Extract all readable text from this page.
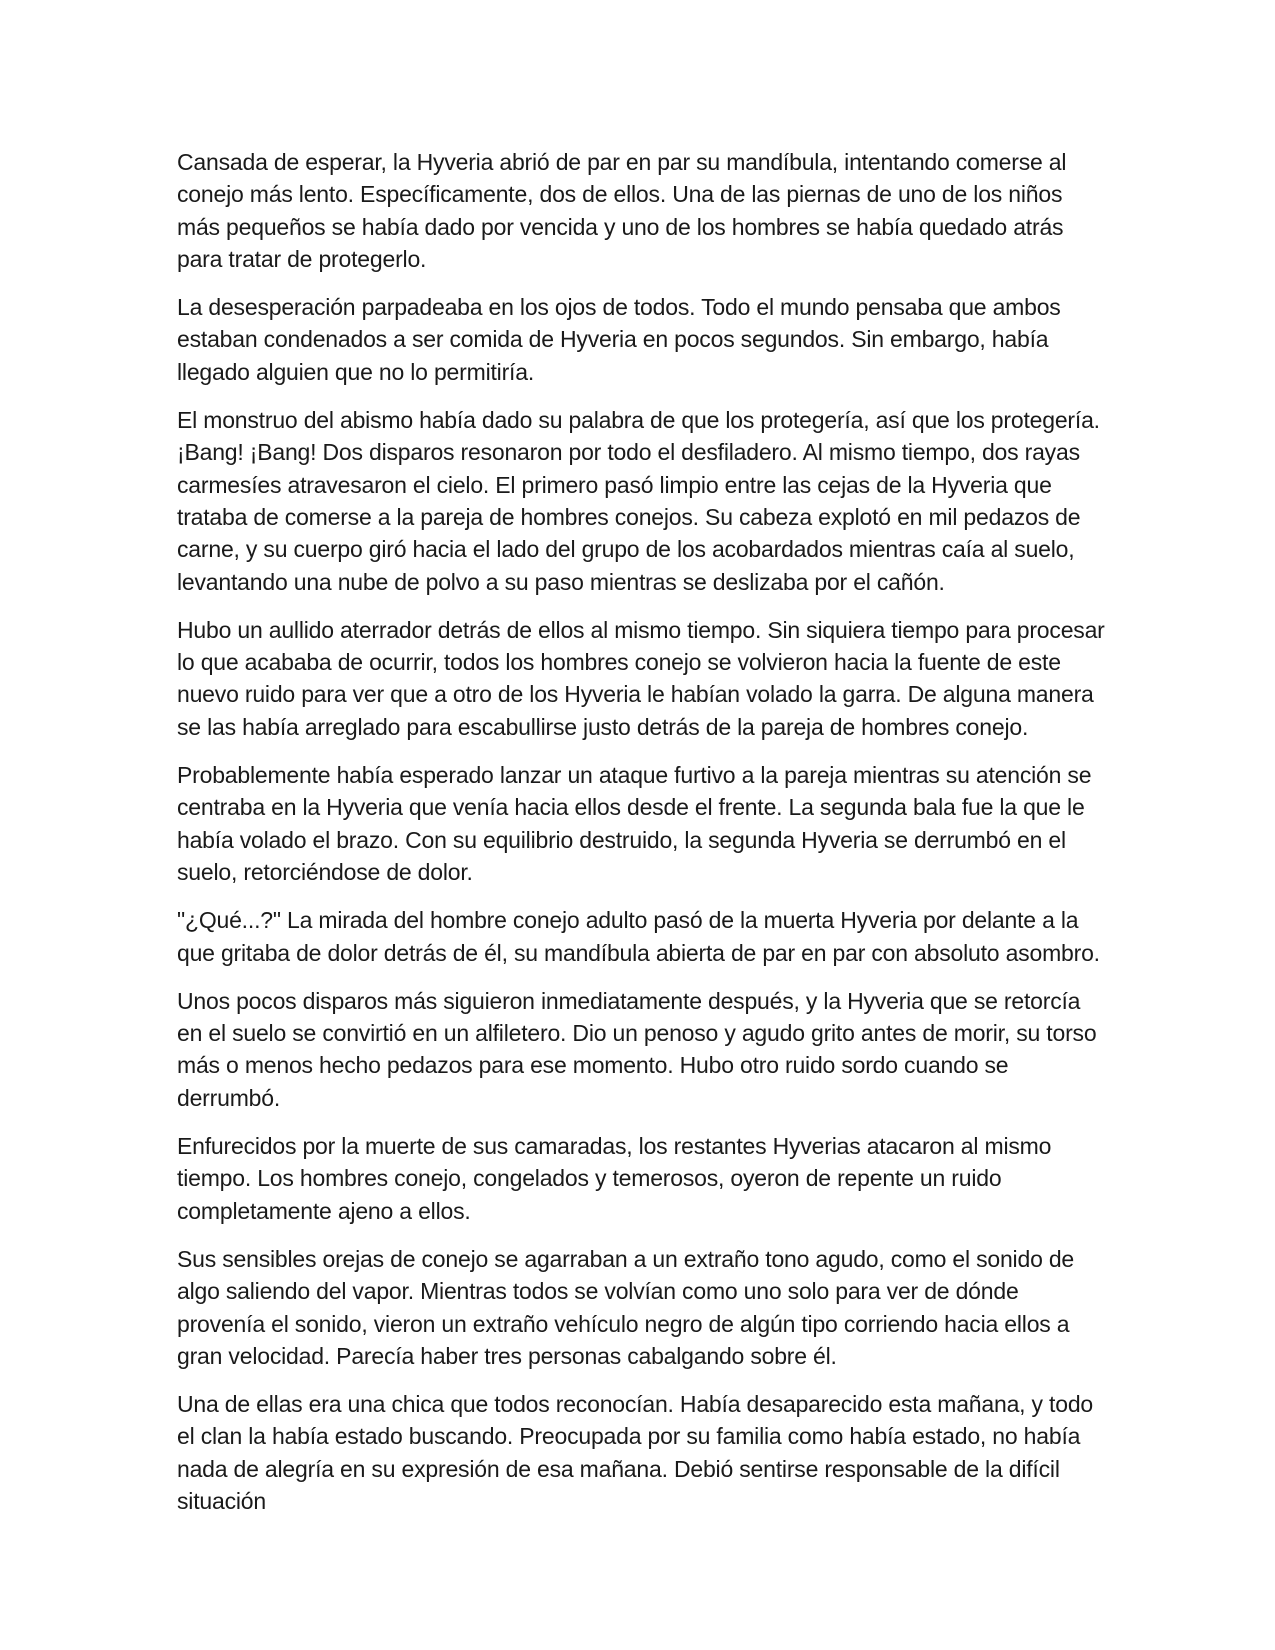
Cansada de esperar, la Hyveria abrió de par en par su mandíbula, intentando comerse al conejo más lento. Específicamente, dos de ellos. Una de las piernas de uno de los niños más pequeños se había dado por vencida y uno de los hombres se había quedado atrás para tratar de protegerlo.

La desesperación parpadeaba en los ojos de todos. Todo el mundo pensaba que ambos estaban condenados a ser comida de Hyveria en pocos segundos. Sin embargo, había llegado alguien que no lo permitiría.

El monstruo del abismo había dado su palabra de que los protegería, así que los protegería. ¡Bang! ¡Bang! Dos disparos resonaron por todo el desfiladero. Al mismo tiempo, dos rayas carmesíes atravesaron el cielo. El primero pasó limpio entre las cejas de la Hyveria que trataba de comerse a la pareja de hombres conejos. Su cabeza explotó en mil pedazos de carne, y su cuerpo giró hacia el lado del grupo de los acobardados mientras caía al suelo, levantando una nube de polvo a su paso mientras se deslizaba por el cañón.

Hubo un aullido aterrador detrás de ellos al mismo tiempo. Sin siquiera tiempo para procesar lo que acababa de ocurrir, todos los hombres conejo se volvieron hacia la fuente de este nuevo ruido para ver que a otro de los Hyveria le habían volado la garra. De alguna manera se las había arreglado para escabullirse justo detrás de la pareja de hombres conejo.

Probablemente había esperado lanzar un ataque furtivo a la pareja mientras su atención se centraba en la Hyveria que venía hacia ellos desde el frente. La segunda bala fue la que le había volado el brazo. Con su equilibrio destruido, la segunda Hyveria se derrumbó en el suelo, retorciéndose de dolor.

"¿Qué...?" La mirada del hombre conejo adulto pasó de la muerta Hyveria por delante a la que gritaba de dolor detrás de él, su mandíbula abierta de par en par con absoluto asombro.

Unos pocos disparos más siguieron inmediatamente después, y la Hyveria que se retorcía en el suelo se convirtió en un alfiletero. Dio un penoso y agudo grito antes de morir, su torso más o menos hecho pedazos para ese momento. Hubo otro ruido sordo cuando se derrumbó.

Enfurecidos por la muerte de sus camaradas, los restantes Hyverias atacaron al mismo tiempo. Los hombres conejo, congelados y temerosos, oyeron de repente un ruido completamente ajeno a ellos.

Sus sensibles orejas de conejo se agarraban a un extraño tono agudo, como el sonido de algo saliendo del vapor. Mientras todos se volvían como uno solo para ver de dónde provenía el sonido, vieron un extraño vehículo negro de algún tipo corriendo hacia ellos a gran velocidad. Parecía haber tres personas cabalgando sobre él.

Una de ellas era una chica que todos reconocían. Había desaparecido esta mañana, y todo el clan la había estado buscando. Preocupada por su familia como había estado, no había nada de alegría en su expresión de esa mañana. Debió sentirse responsable de la difícil situación
